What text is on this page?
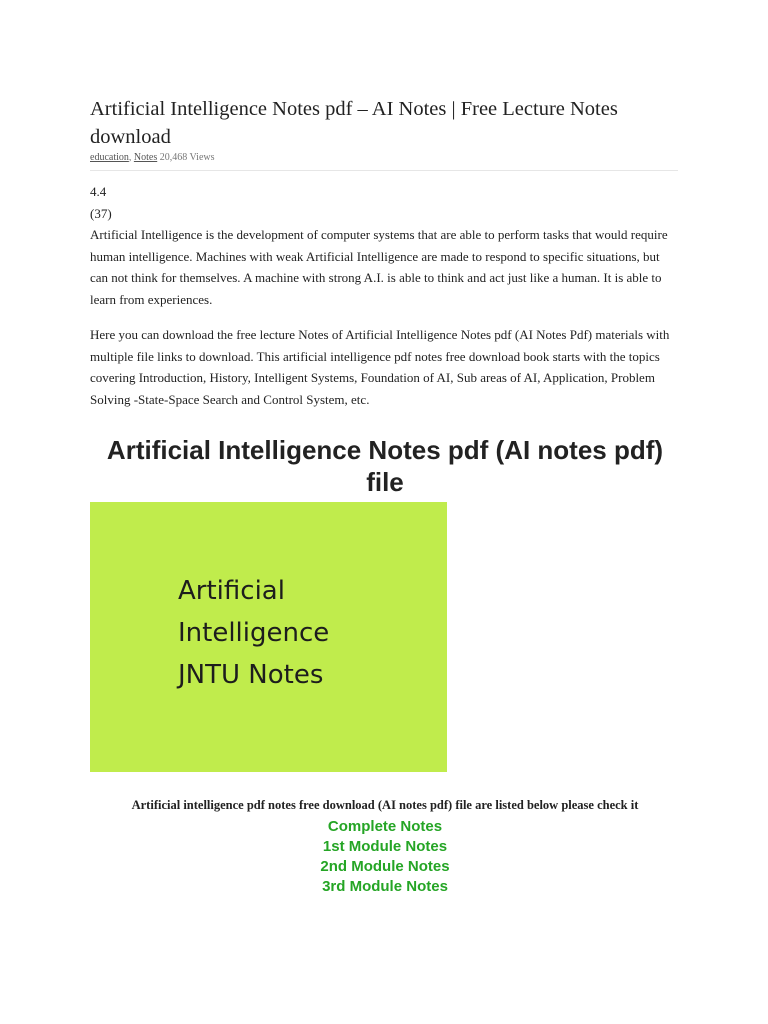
Artificial Intelligence Notes pdf – AI Notes | Free Lecture Notes download
education, Notes 20,468 Views
4.4
(37)

Artificial Intelligence is the development of computer systems that are able to perform tasks that would require human intelligence. Machines with weak Artificial Intelligence are made to respond to specific situations, but can not think for themselves. A machine with strong A.I. is able to think and act just like a human. It is able to learn from experiences.

Here you can download the free lecture Notes of Artificial Intelligence Notes pdf (AI Notes Pdf) materials with multiple file links to download. This artificial intelligence pdf notes free download book starts with the topics covering Introduction, History, Intelligent Systems, Foundation of AI, Sub areas of AI, Application, Problem Solving -State-Space Search and Control System, etc.

Artificial Intelligence Notes pdf (AI notes pdf) file
Artificial
Intelligence
JNTU Notes
Artificial intelligence pdf notes free download (AI notes pdf) file are listed below please check it
Complete Notes
1st Module Notes
2nd Module Notes
3rd Module Notes
